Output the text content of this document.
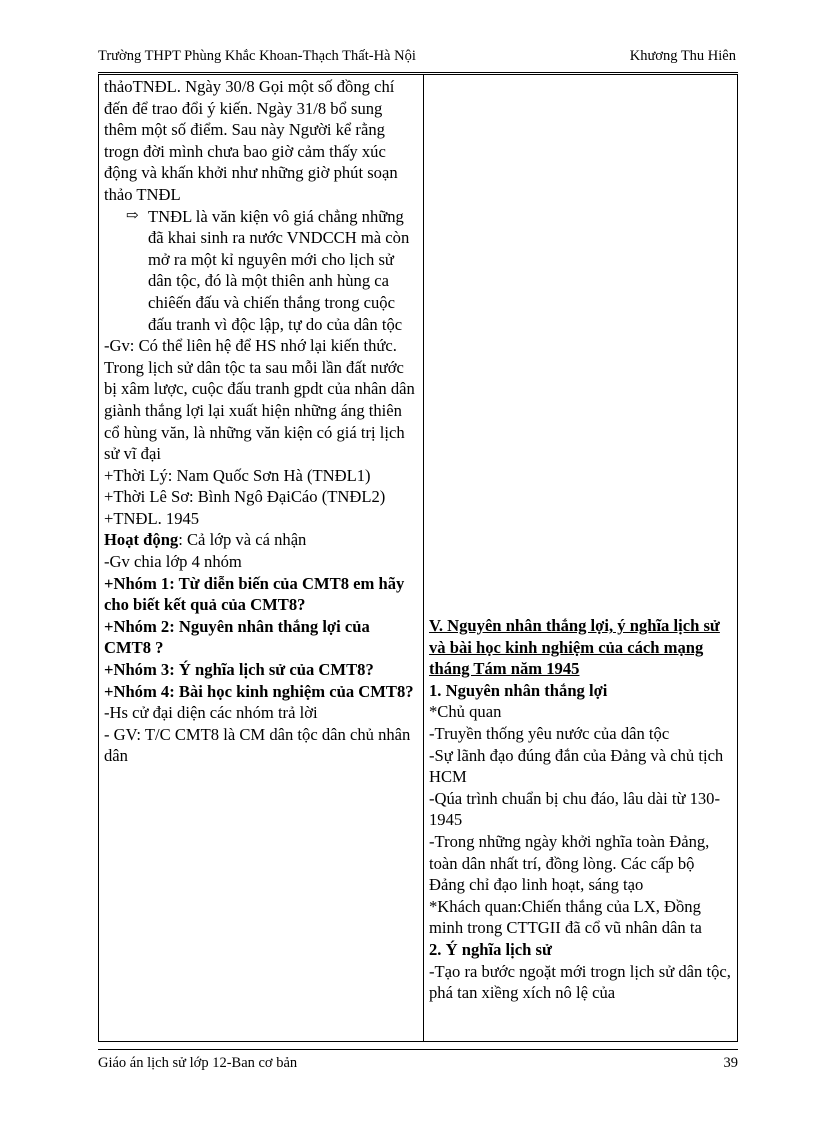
Trường THPT Phùng Khắc Khoan-Thạch Thất-Hà Nội	Khương Thu Hiên

thảoTNĐL. Ngày 30/8 Gọi một số đồng chí đến để trao đổi ý kiến. Ngày 31/8 bổ sung thêm một số điểm. Sau này Người kể rằng trogn đời mình chưa bao giờ cảm thấy xúc động và khấn khởi như những giờ phút soạn thảo TNĐL

⇨ TNĐL là văn kiện vô giá chẳng những đã khai sinh ra nước VNDCCH mà còn mở ra một kỉ nguyên mới cho lịch sử dân tộc, đó là một thiên anh hùng ca chiêến đấu và chiến thắng trong cuộc đấu tranh vì độc lập, tự do của dân tộc

-Gv: Có thể liên hệ để HS nhớ lại kiến thức. Trong lịch sử dân tộc ta sau mỗi lần đất nước bị xâm lược, cuộc đấu tranh gpdt của nhân dân giành thắng lợi lại xuất hiện những áng thiên cổ hùng văn, là những văn kiện có giá trị lịch sử vĩ đại

+Thời Lý: Nam Quốc Sơn Hà (TNĐL1)

+Thời Lê Sơ: Bình Ngô ĐạiCáo (TNĐL2)

+TNĐL. 1945

Hoạt động: Cả lớp và cá nhận

-Gv chia lớp 4 nhóm

+Nhóm 1: Từ diễn biến của CMT8 em hãy cho biết kết quả của CMT8?

+Nhóm 2: Nguyên nhân thắng lợi của CMT8 ?

+Nhóm 3: Ý nghĩa lịch sử của CMT8?

+Nhóm 4: Bài học kinh nghiệm của CMT8?

-Hs cử đại diện các nhóm trả lời

- GV: T/C CMT8 là CM dân tộc dân chủ nhân dân

V. Nguyên nhân thắng lợi, ý nghĩa lịch sử và bài học kinh nghiệm của cách mạng tháng Tám năm 1945

1. Nguyên nhân thắng lợi

*Chủ quan

-Truyền thống yêu nước của dân tộc

-Sự lãnh đạo đúng đắn của Đảng và chủ tịch HCM

-Qúa trình chuẩn bị chu đáo, lâu dài từ 130-1945

-Trong những ngày khởi nghĩa toàn Đảng, toàn dân nhất trí, đồng lòng. Các cấp bộ Đảng chỉ đạo linh hoạt, sáng tạo

*Khách quan:Chiến thắng của LX, Đồng minh trong CTTGII đã cổ vũ nhân dân ta

2. Ý nghĩa lịch sử

-Tạo ra bước ngoặt mới trogn lịch sử dân tộc, phá tan xiềng xích nô lệ của

Giáo án lịch sử lớp 12-Ban cơ bản	39
